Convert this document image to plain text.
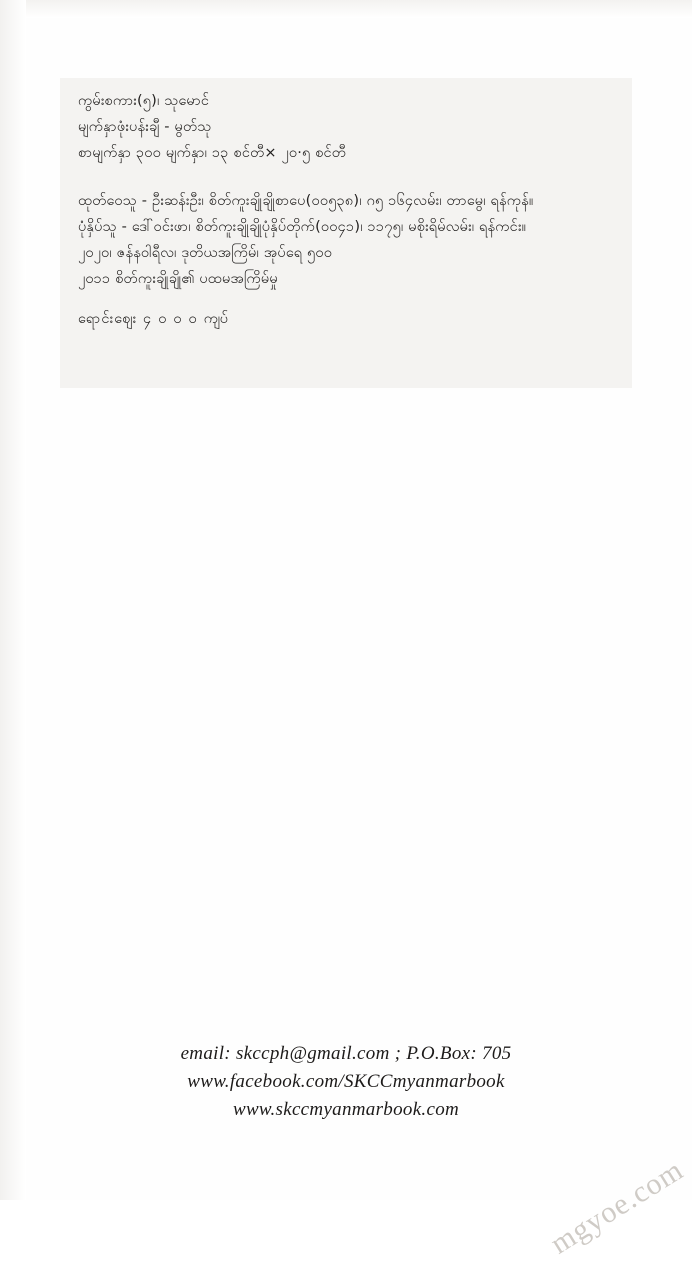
ကွမ်းစကား(၅)၊ သုမောင်
မျက်နှာဖုံးပန်းချီ - မွတ်သု
စာမျက်နှာ ၃၀၀ မျက်နှာ၊ ၁၃ စင်တီ× ၂၀·၅ စင်တီ
ထုတ်ဝေသူ - ဦးဆန်းဦး၊ စိတ်ကူးချိုချိုစာပေ(၀၀၅၃၈)၊ ဂ၅ ၁၆၄လမ်း၊ တာမွေ၊ ရန်ကုန်။
ပုံနှိပ်သူ - ဒေါ်ဝင်းဖာ၊ စိတ်ကူးချိုချိုပုံနှိပ်တိုက်(၀၀၄၁)၊ ၁၁၇၅၊ မစိုးရိမ်လမ်း၊ ရန်ကင်း။
၂၀၂၀၊ ဇန်နဝါရီလ၊ ဒုတိယအကြိမ်၊ အုပ်ရေ ၅၀၀
၂၀၁၁ စိတ်ကူးချိုချို၏ ပထမအကြိမ်မှု
ရောင်းဈေး ၄ ၀ ၀ ၀ ကျပ်
email: skccph@gmail.com ; P.O.Box: 705
www.facebook.com/SKCCmyanmarbook
www.skccmyanmarbook.com
mgyoe.com
